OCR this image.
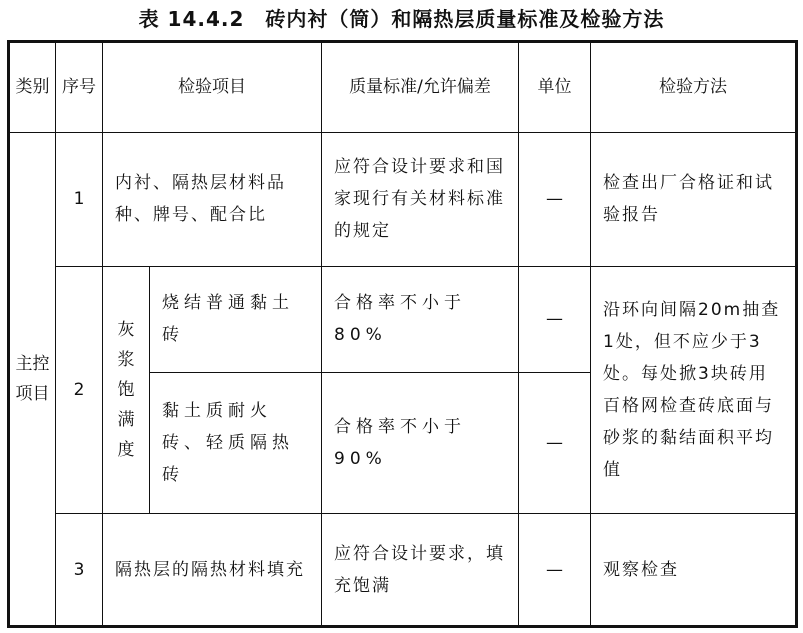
表 14.4.2　砖内衬（筒）和隔热层质量标准及检验方法
类别	序号	检验项目		质量标准/允许偏差	单位	检验方法

主控项目	1	内衬、隔热层材料品种、牌号、配合比		应符合设计要求和国家现行有关材料标准的规定	—	检查出厂合格证和试验报告
	2	灰浆饱满度	烧结普通黏土砖	合格率不小于80%	—	沿环向间隔20m抽查1处，但不应少于3处。每处掀3块砖用百格网检查砖底面与砂浆的黏结面积平均值
			黏土质耐火砖、轻质隔热砖	合格率不小于90%	—	
	3	隔热层的隔热材料填充		应符合设计要求，填充饱满	—	观察检查
